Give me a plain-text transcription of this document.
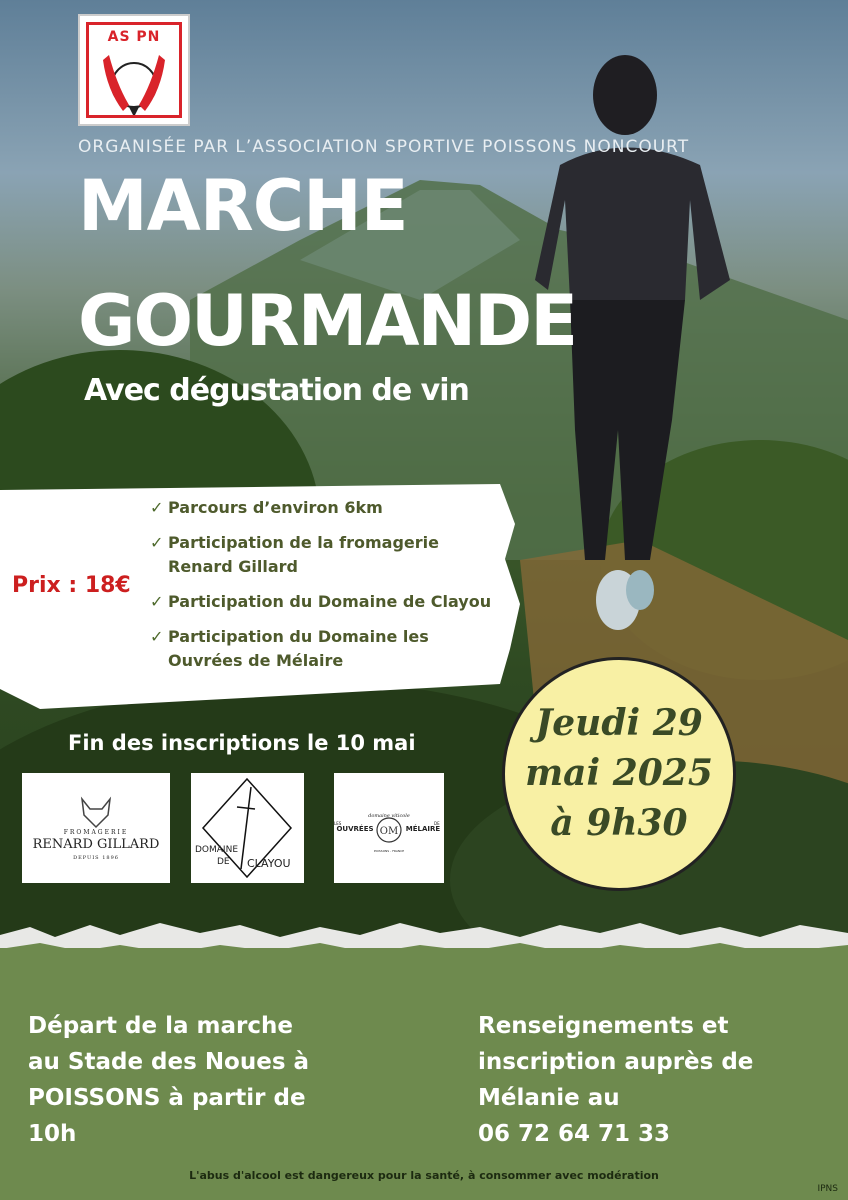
AS PN
ORGANISÉE PAR L’ASSOCIATION SPORTIVE POISSONS NONCOURT
MARCHE
GOURMANDE
Avec dégustation de vin
Prix : 18€
✓ Parcours d’environ 6km
✓ Participation de la fromagerie
Renard Gillard
✓ Participation du Domaine de Clayou
✓ Participation du Domaine les
Ouvrées de Mélaire
Fin des inscriptions le 10 mai
FROMAGERIE
RENARD GILLARD
DEPUIS 1896
DOMAINE
DE CLAYOU
domaine viticole
OM
LES
OUVRÉES
DE
MÉLAIRE
POISSONS - FRANCE
Jeudi 29
mai 2025
à 9h30
Départ de la marche
au Stade des Noues à
POISSONS à partir de
10h
Renseignements et
inscription auprès de
Mélanie au
06 72 64 71 33
L'abus d'alcool est dangereux pour la santé, à consommer avec modération
IPNS
